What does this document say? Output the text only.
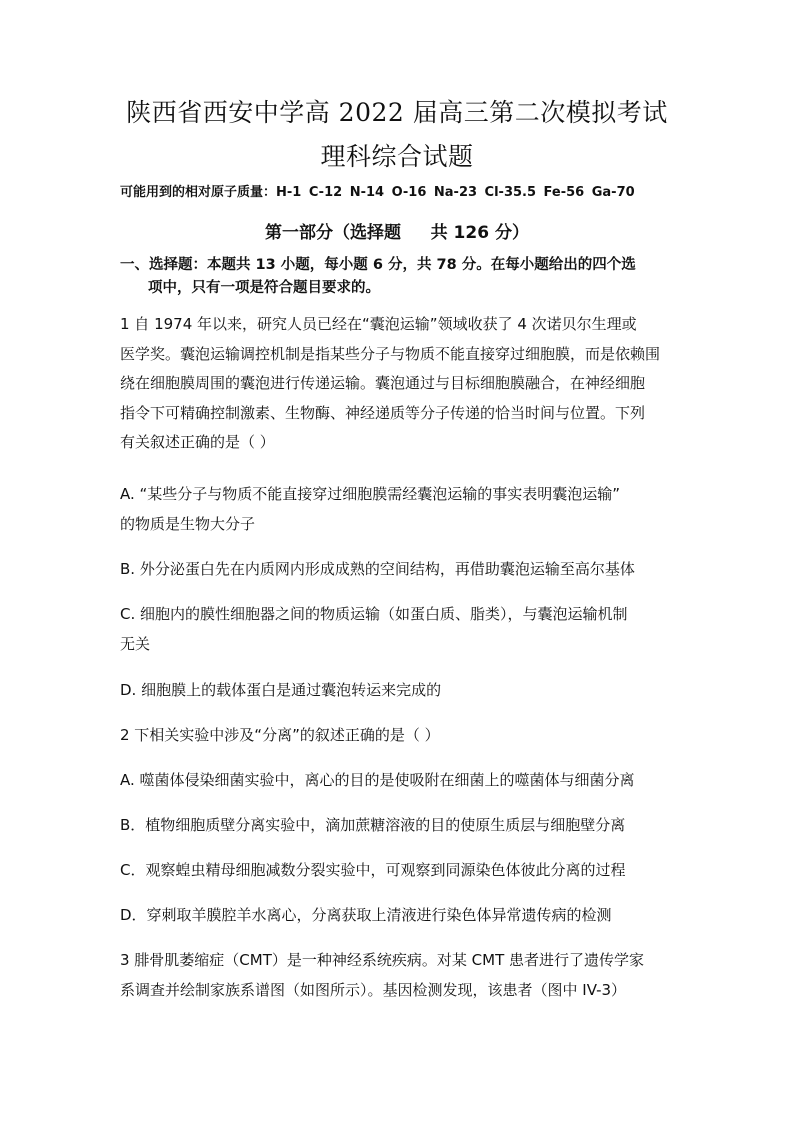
陕西省西安中学高 2022 届高三第二次模拟考试
理科综合试题
可能用到的相对原子质量：H-1 C-12 N-14 O-16 Na-23 Cl-35.5 Fe-56 Ga-70
第一部分（选择题     共 126 分）
一、选择题：本题共 13 小题，每小题 6 分，共 78 分。在每小题给出的四个选
项中，只有一项是符合题目要求的。
1 自 1974 年以来，研究人员已经在“囊泡运输”领域收获了 4 次诺贝尔生理或
医学奖。囊泡运输调控机制是指某些分子与物质不能直接穿过细胞膜，而是依赖围
绕在细胞膜周围的囊泡进行传递运输。囊泡通过与目标细胞膜融合，在神经细胞
指令下可精确控制激素、生物酶、神经递质等分子传递的恰当时间与位置。下列
有关叙述正确的是（ ）
A. “某些分子与物质不能直接穿过细胞膜需经囊泡运输的事实表明囊泡运输”
的物质是生物大分子
B. 外分泌蛋白先在内质网内形成成熟的空间结构，再借助囊泡运输至高尔基体
C. 细胞内的膜性细胞器之间的物质运输（如蛋白质、脂类），与囊泡运输机制
无关
D. 细胞膜上的载体蛋白是通过囊泡转运来完成的
2 下相关实验中涉及“分离”的叙述正确的是（ ）
A. 噬菌体侵染细菌实验中，离心的目的是使吸附在细菌上的噬菌体与细菌分离
B．植物细胞质壁分离实验中，滴加蔗糖溶液的目的使原生质层与细胞壁分离
C．观察蝗虫精母细胞减数分裂实验中，可观察到同源染色体彼此分离的过程
D．穿刺取羊膜腔羊水离心，分离获取上清液进行染色体异常遗传病的检测
3 腓骨肌萎缩症（CMT）是一种神经系统疾病。对某 CMT 患者进行了遗传学家
系调查并绘制家族系谱图（如图所示）。基因检测发现，该患者（图中 IV-3）
